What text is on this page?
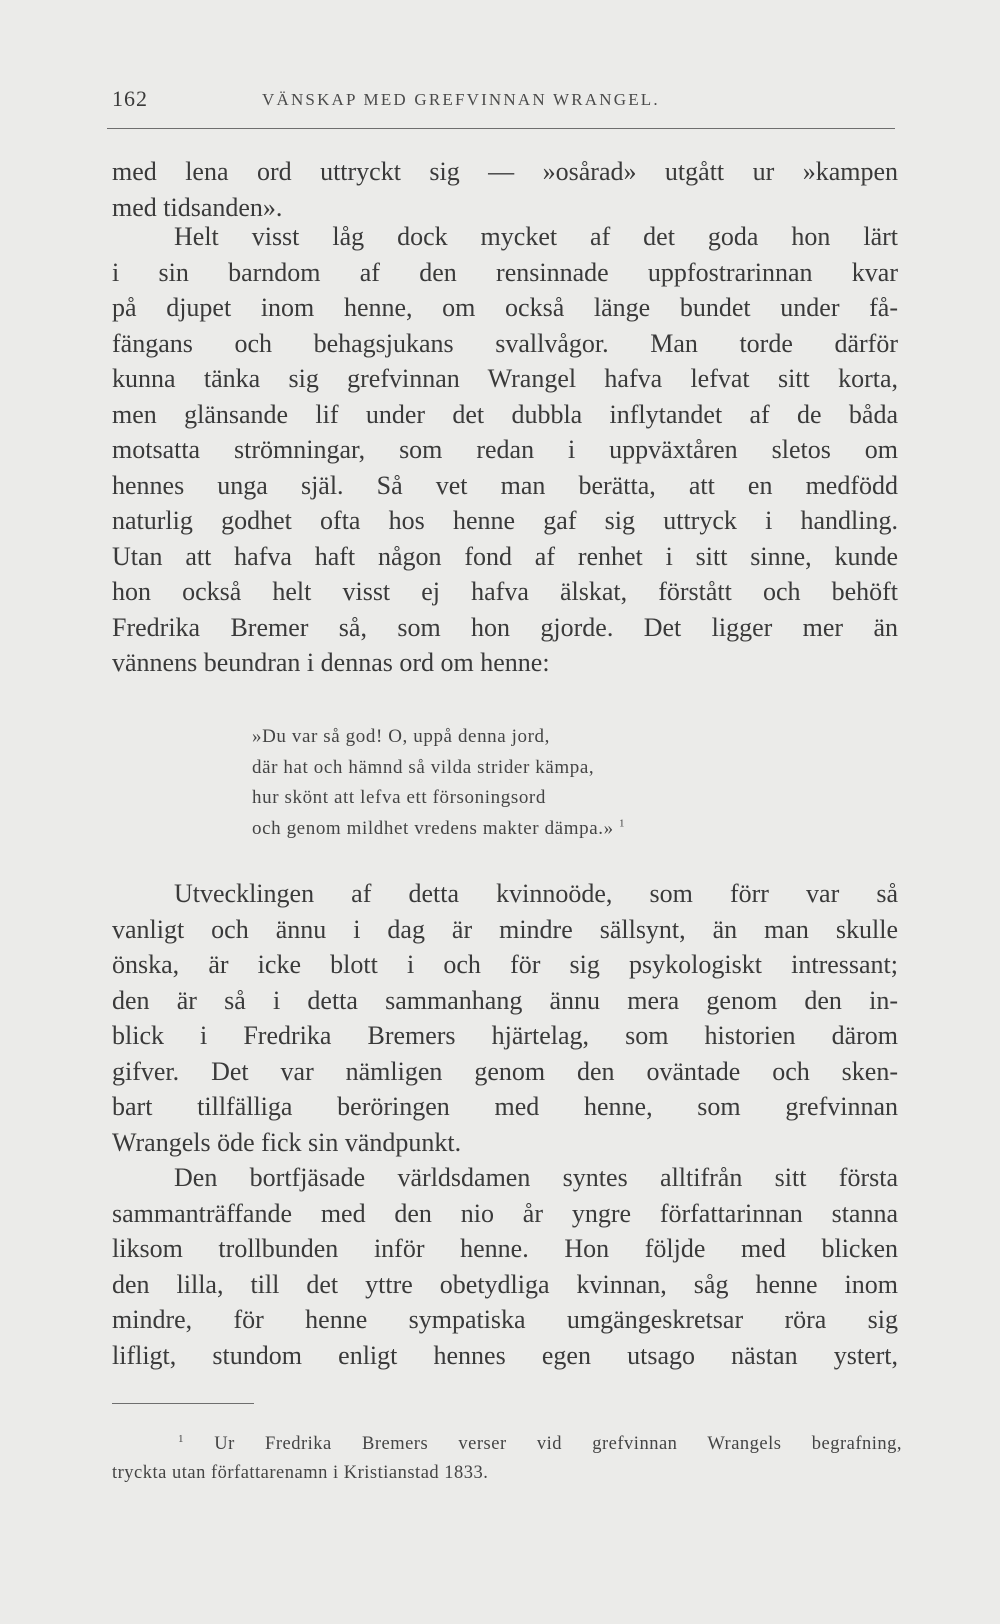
162	VÄNSKAP MED GREFVINNAN WRANGEL.
med lena ord uttryckt sig — »osårad» utgått ur »kampen
med tidsanden».
Helt visst låg dock mycket af det goda hon lärt
i sin barndom af den rensinnade uppfostrarinnan kvar
på djupet inom henne, om också länge bundet under få-
fängans och behagsjukans svallvågor. Man torde därför
kunna tänka sig grefvinnan Wrangel hafva lefvat sitt korta,
men glänsande lif under det dubbla inflytandet af de båda
motsatta strömningar, som redan i uppväxtåren sletos om
hennes unga själ. Så vet man berätta, att en medfödd
naturlig godhet ofta hos henne gaf sig uttryck i handling.
Utan att hafva haft någon fond af renhet i sitt sinne, kunde
hon också helt visst ej hafva älskat, förstått och behöft
Fredrika Bremer så, som hon gjorde. Det ligger mer än
vännens beundran i dennas ord om henne:
»Du var så god! O, uppå denna jord,
där hat och hämnd så vilda strider kämpa,
hur skönt att lefva ett försoningsord
och genom mildhet vredens makter dämpa.» $^1$
Utvecklingen af detta kvinnoöde, som förr var så
vanligt och ännu i dag är mindre sällsynt, än man skulle
önska, är icke blott i och för sig psykologiskt intressant;
den är så i detta sammanhang ännu mera genom den in-
blick i Fredrika Bremers hjärtelag, som historien därom
gifver. Det var nämligen genom den oväntade och sken-
bart tillfälliga beröringen med henne, som grefvinnan
Wrangels öde fick sin vändpunkt.
Den bortfjäsade världsdamen syntes alltifrån sitt första
sammanträffande med den nio år yngre författarinnan stanna
liksom trollbunden inför henne. Hon följde med blicken
den lilla, till det yttre obetydliga kvinnan, såg henne inom
mindre, för henne sympatiska umgängeskretsar röra sig
lifligt, stundom enligt hennes egen utsago nästan ystert,
$^1$ Ur Fredrika Bremers verser vid grefvinnan Wrangels begrafning,
tryckta utan författarenamn i Kristianstad 1833.
